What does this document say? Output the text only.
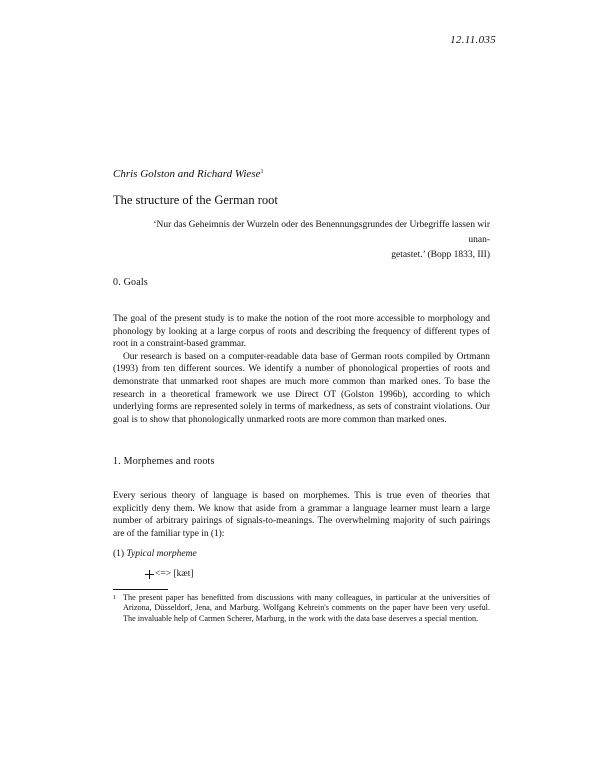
12.11.035
Chris Golston and Richard Wiese$^1$
The structure of the German root
‘Nur das Geheimnis der Wurzeln oder des Benennungsgrundes der Urbegriffe lassen wir unan-
getastet.’ (Bopp 1833, III)
0. Goals

The goal of the present study is to make the notion of the root more accessible to morphology and phonology by looking at a large corpus of roots and describing the frequency of different types of root in a constraint-based grammar.

Our research is based on a computer-readable data base of German roots compiled by Ortmann (1993) from ten different sources. We identify a number of phonological properties of roots and demonstrate that unmarked root shapes are much more common than marked ones. To base the research in a theoretical framework we use Direct OT (Golston 1996b), according to which underlying forms are represented solely in terms of markedness, as sets of constraint violations. Our goal is to show that phonologically unmarked roots are more common than marked ones.

1. Morphemes and roots

Every serious theory of language is based on morphemes. This is true even of theories that explicitly deny them. We know that aside from a grammar a language learner must learn a large number of arbitrary pairings of signals-to-meanings. The overwhelming majority of such pairings are of the familiar type in (1):

(1) Typical morpheme
<=> [kæt]
1 The present paper has benefitted from discussions with many colleagues, in particular at the universities of Arizona, Düsseldorf, Jena, and Marburg. Wolfgang Kehrein's comments on the paper have been very useful. The invaluable help of Carmen Scherer, Marburg, in the work with the data base deserves a special mention.
